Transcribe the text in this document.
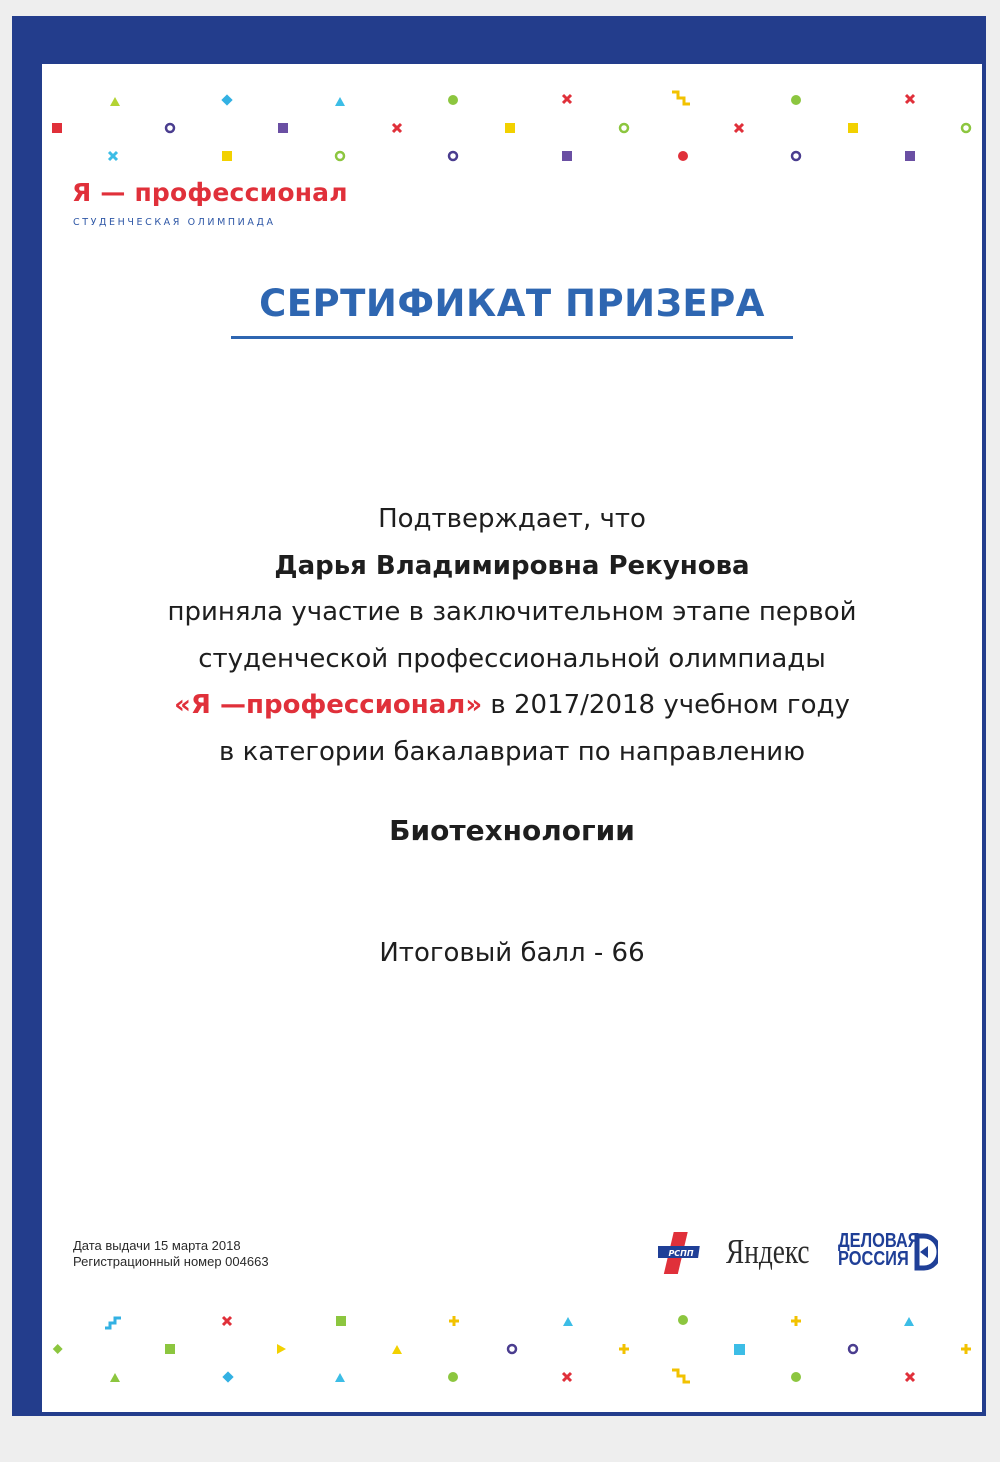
Я — профессионал
СТУДЕНЧЕСКАЯ ОЛИМПИАДА
СЕРТИФИКАТ ПРИЗЕРА
Подтверждает, что
Дарья Владимировна Рекунова
приняла участие в заключительном этапе первой
студенческой профессиональной олимпиады
«Я —профессионал» в 2017/2018 учебном году
в категории бакалавриат по направлению
Биотехнологии
Итоговый балл - 66
Дата выдачи 15 марта 2018
Регистрационный номер 004663	РСПП Яндекс ДЕЛОВАЯ
РОССИЯ
